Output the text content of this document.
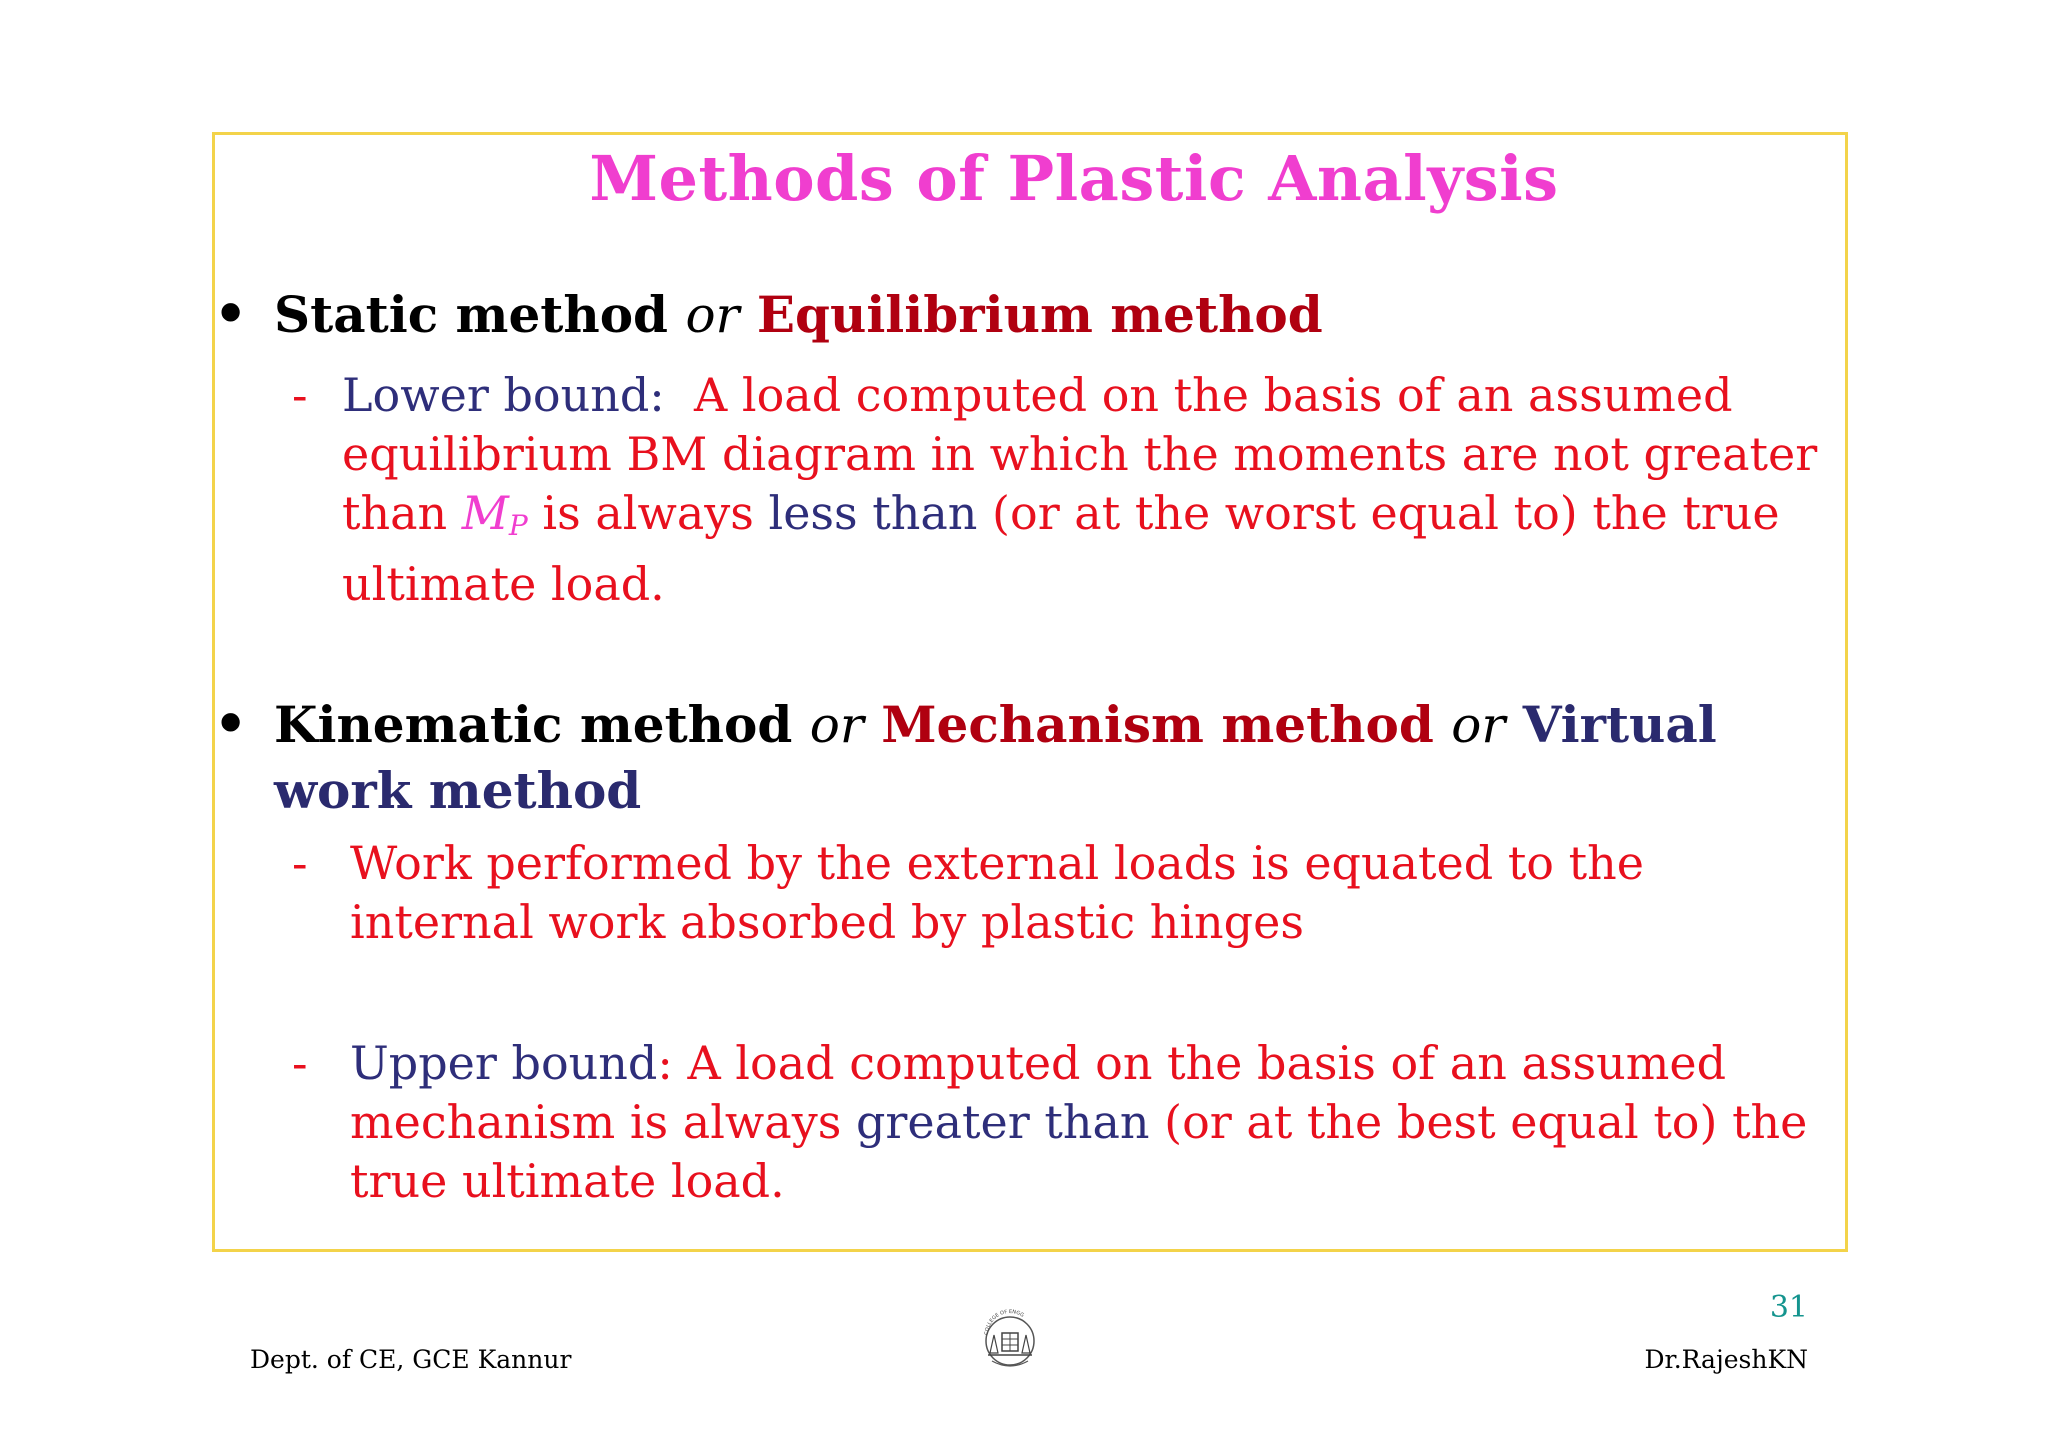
Methods of Plastic Analysis
• Static method or Equilibrium method
- Lower bound: A load computed on the basis of an assumed equilibrium BM diagram in which the moments are not greater than $M_P$ is always less than (or at the worst equal to) the true ultimate load.
• Kinematic method or Mechanism method or Virtual work method
- Work performed by the external loads is equated to the internal work absorbed by plastic hinges
- Upper bound: A load computed on the basis of an assumed mechanism is always greater than (or at the best equal to) the true ultimate load.
31
Dept. of CE, GCE Kannur	Dr.RajeshKN
COLLEGE OF ENGG
